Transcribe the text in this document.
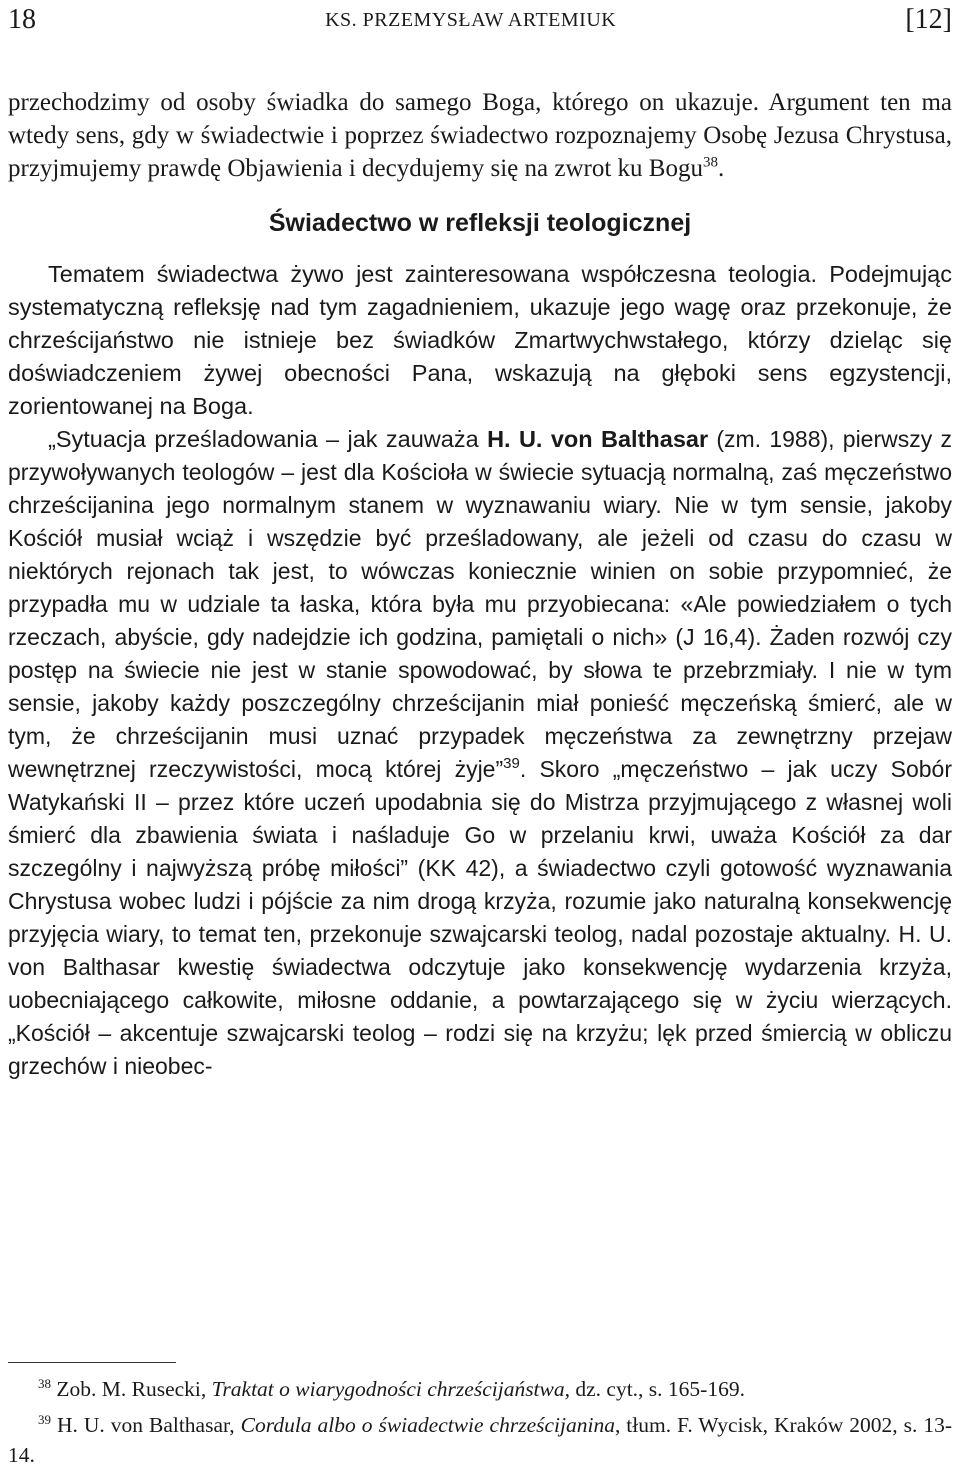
18	KS. PRZEMYSŁAW ARTEMIUK	[12]

przechodzimy od osoby świadka do samego Boga, którego on ukazuje. Argument ten ma wtedy sens, gdy w świadectwie i poprzez świadectwo rozpoznajemy Osobę Jezusa Chrystusa, przyjmujemy prawdę Objawienia i decydujemy się na zwrot ku Bogu$^{38}$.

Świadectwo w refleksji teologicznej

Tematem świadectwa żywo jest zainteresowana współczesna teologia. Podejmując systematyczną refleksję nad tym zagadnieniem, ukazuje jego wagę oraz przekonuje, że chrześcijaństwo nie istnieje bez świadków Zmartwychwstałego, którzy dzieląc się doświadczeniem żywej obecności Pana, wskazują na głęboki sens egzystencji, zorientowanej na Boga.

„Sytuacja prześladowania – jak zauważa H. U. von Balthasar (zm. 1988), pierwszy z przywoływanych teologów – jest dla Kościoła w świecie sytuacją normalną, zaś męczeństwo chrześcijanina jego normalnym stanem w wyznawaniu wiary. Nie w tym sensie, jakoby Kościół musiał wciąż i wszędzie być prześladowany, ale jeżeli od czasu do czasu w niektórych rejonach tak jest, to wówczas koniecznie winien on sobie przypomnieć, że przypadła mu w udziale ta łaska, która była mu przyobiecana: «Ale powiedziałem o tych rzeczach, abyście, gdy nadejdzie ich godzina, pamiętali o nich» (J 16,4). Żaden rozwój czy postęp na świecie nie jest w stanie spowodować, by słowa te przebrzmiały. I nie w tym sensie, jakoby każdy poszczególny chrześcijanin miał ponieść męczeńską śmierć, ale w tym, że chrześcijanin musi uznać przypadek męczeństwa za zewnętrzny przejaw wewnętrznej rzeczywistości, mocą której żyje”$^{39}$. Skoro „męczeństwo – jak uczy Sobór Watykański II – przez które uczeń upodabnia się do Mistrza przyjmującego z własnej woli śmierć dla zbawienia świata i naśladuje Go w przelaniu krwi, uważa Kościół za dar szczególny i najwyższą próbę miłości” (KK 42), a świadectwo czyli gotowość wyznawania Chrystusa wobec ludzi i pójście za nim drogą krzyża, rozumie jako naturalną konsekwencję przyjęcia wiary, to temat ten, przekonuje szwajcarski teolog, nadal pozostaje aktualny. H. U. von Balthasar kwestię świadectwa odczytuje jako konsekwencję wydarzenia krzyża, uobecniającego całkowite, miłosne oddanie, a powtarzającego się w życiu wierzących. „Kościół – akcentuje szwajcarski teolog – rodzi się na krzyżu; lęk przed śmiercią w obliczu grzechów i nieobec-

$^{38}$ Zob. M. Rusecki, Traktat o wiarygodności chrześcijaństwa, dz. cyt., s. 165-169.

$^{39}$ H. U. von Balthasar, Cordula albo o świadectwie chrześcijanina, tłum. F. Wycisk, Kraków 2002, s. 13-14.
